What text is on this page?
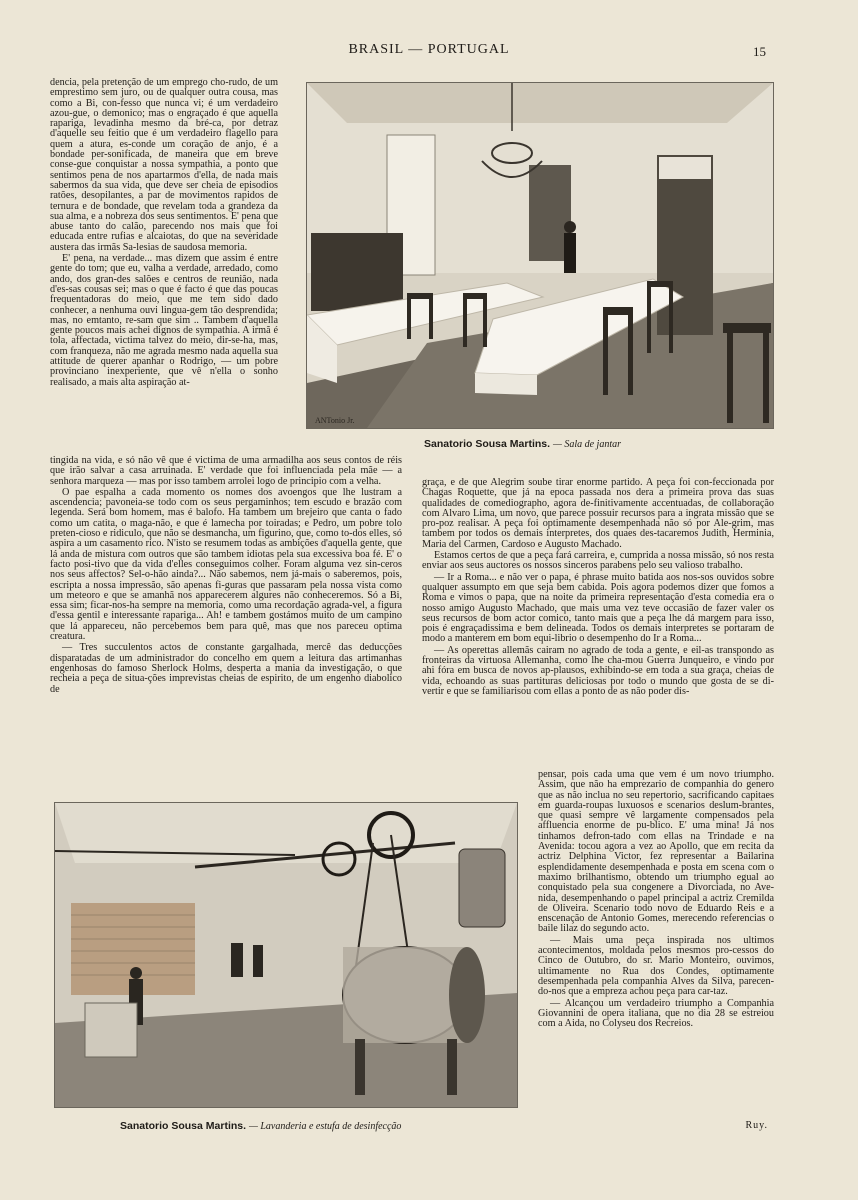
BRASIL — PORTUGAL	15

dencia, pela pretenção de um emprego cho-rudo, de um emprestimo sem juro, ou de qualquer outra cousa, mas como a Bi, con-fesso que nunca vi; é um verdadeiro azou-gue, o demonico; mas o engraçado é que aquella rapariga, levadinha mesmo da bré-ca, por detraz d'aquelle seu feitio que é um verdadeiro flagello para quem a atura, es-conde um coração de anjo, é a bondade per-sonificada, de maneira que em breve conse-gue conquistar a nossa sympathia, a ponto que sentimos pena de nos apartarmos d'ella, de nada mais sabermos da sua vida, que deve ser cheia de episodios ratões, desopilantes, a par de movimentos rapidos de ternura e de bondade, que revelam toda a grandeza da sua alma, e a nobreza dos seus sentimentos. E' pena que abuse tanto do calão, parecendo nos mais que foi educada entre rufias e alcaiotas, do que na severidade austera das irmãs Sa-lesias de saudosa memoria.

E' pena, na verdade... mas dizem que assim é entre gente do tom; que eu, valha a verdade, arredado, como ando, dos gran-des salões e centros de reunião, nada d'es-sas cousas sei; mas o que é facto é que das poucas frequentadoras do meio, que me tem sido dado conhecer, a nenhuma ouvi lingua-gem tão desprendida; mas, no emtanto, re-sam que sim .. Tambem d'aquella gente poucos mais achei dignos de sympathia. A irmã é tola, affectada, victima talvez do meio, dir-se-ha, mas, com franqueza, não me agrada mesmo nada aquella sua attitude de querer apanhar o Rodrigo, — um pobre provinciano inexperiente, que vê n'ella o sonho realisado, a mais alta aspiração at-

ANTonio Jr.
Sanatorio Sousa Martins. — Sala de jantar

tingida na vida, e só não vê que é victima de uma armadilha aos seus contos de réis que irão salvar a casa arruinada. E' verdade que foi influenciada pela mãe — a senhora marqueza — mas por isso tambem arrolei logo de principio com a velha.

O pae espalha a cada momento os nomes dos avoengos que lhe lustram a ascendencia; pavoneia-se todo com os seus pergaminhos; tem escudo e brazão com legenda. Será bom homem, mas é balofo. Ha tambem um brejeiro que canta o fado como um catita, o maga-não, e que é lamecha por toiradas; e Pedro, um pobre tolo preten-cioso e ridiculo, que não se desmancha, um figurino, que, como to-dos elles, só aspira a um casamento rico. N'isto se resumem todas as ambições d'aquella gente, que lá anda de mistura com outros que são tambem idiotas pela sua excessiva boa fé. E' o facto posi-tivo que da vida d'elles conseguimos colher. Foram alguma vez sin-ceros nos seus affectos? Sel-o-hão ainda?... Não sabemos, nem já-mais o saberemos, pois, escripta a nossa impressão, são apenas fi-guras que passaram pela nossa vista como um meteoro e que se amanhã nos apparecerem algures não conheceremos. Só a Bi, essa sim; ficar-nos-ha sempre na memoria, como uma recordação agrada-vel, a figura d'essa gentil e interessante rapariga... Ah! e tambem gostámos muito de um campino que lá appareceu, não percebemos bem para quê, mas que nos pareceu optima creatura.

— Tres succulentos actos de constante gargalhada, mercê das deducções disparatadas de um administrador do concelho em quem a leitura das artimanhas engenhosas do famoso Sherlock Holms, desperta a mania da investigação, o que recheia a peça de situa-ções imprevistas cheias de espirito, de um engenho diabolico de

graça, e de que Alegrim soube tirar enorme partido. A peça foi con-feccionada por Chagas Roquette, que já na epoca passada nos dera a primeira prova das suas qualidades de comediographo, agora de-finitivamente accentuadas, de collaboração com Alvaro Lima, um novo, que parece possuir recursos para a ingrata missão que se pro-poz realisar. A peça foi optimamente desempenhada não só por Ale-grim, mas tambem por todos os demais interpretes, dos quaes des-tacaremos Judith, Herminia, Maria del Carmen, Cardoso e Augusto Machado.

Estamos certos de que a peça fará carreira, e, cumprida a nossa missão, só nos resta enviar aos seus auctores os nossos sinceros parabens pelo seu valioso trabalho.

— Ir a Roma... e não ver o papa, é phrase muito batida aos nos-sos ouvidos sobre qualquer assumpto em que seja bem cabida. Pois agora podemos dizer que fomos a Roma e vimos o papa, que na noite da primeira representação d'esta comedia era o nosso amigo Augusto Machado, que mais uma vez teve occasião de fazer valer os seus recursos de bom actor comico, tanto mais que a peça lhe dá margem para isso, pois é engraçadissima e bem delineada. Todos os demais interpretes se portaram de modo a manterem em bom equi-librio o desempenho do Ir a Roma...

— As operettas allemãs cairam no agrado de toda a gente, e eil-as transpondo as fronteiras da virtuosa Allemanha, como lhe cha-mou Guerra Junqueiro, e vindo por ahi fóra em busca de novos ap-plausos, exhibindo-se em toda a sua graça, cheias de vida, echoando as suas partituras deliciosas por todo o mundo que gosta de se di-vertir e que se familiarisou com ellas a ponto de as não poder dis-

pensar, pois cada uma que vem é um novo triumpho. Assim, que não ha emprezario de companhia do genero que as não inclua no seu repertorio, sacrificando capitaes em guarda-roupas luxuosos e scenarios deslum-brantes, que quasi sempre vê largamente compensados pela affluencia enorme de pu-blico. E' uma mina! Já nos tinhamos defron-tado com ellas na Trindade e na Avenida: tocou agora a vez ao Apollo, que em recita da actriz Delphina Victor, fez representar a Bailarina esplendidamente desempenhada e posta em scena com o maximo brilhantismo, obtendo um triumpho egual ao conquistado pela sua congenere a Divorciada, no Ave-nida, desempenhando o papel principal a actriz Cremilda de Oliveira. Scenario todo novo de Eduardo Reis e a enscenação de Antonio Gomes, merecendo referencias o baile lilaz do segundo acto.

— Mais uma peça inspirada nos ultimos acontecimentos, moldada pelos mesmos pro-cessos do Cinco de Outubro, do sr. Mario Monteiro, ouvimos, ultimamente no Rua dos Condes, optimamente desempenhada pela companhia Alves da Silva, parecen-do-nos que a empreza achou peça para car-taz.

— Alcançou um verdadeiro triumpho a Companhia Giovannini de opera italiana, que no dia 28 se estreiou com a Aida, no Colyseu dos Recreios.

Sanatorio Sousa Martins. — Lavanderia e estufa de desinfecção	Ruy.
